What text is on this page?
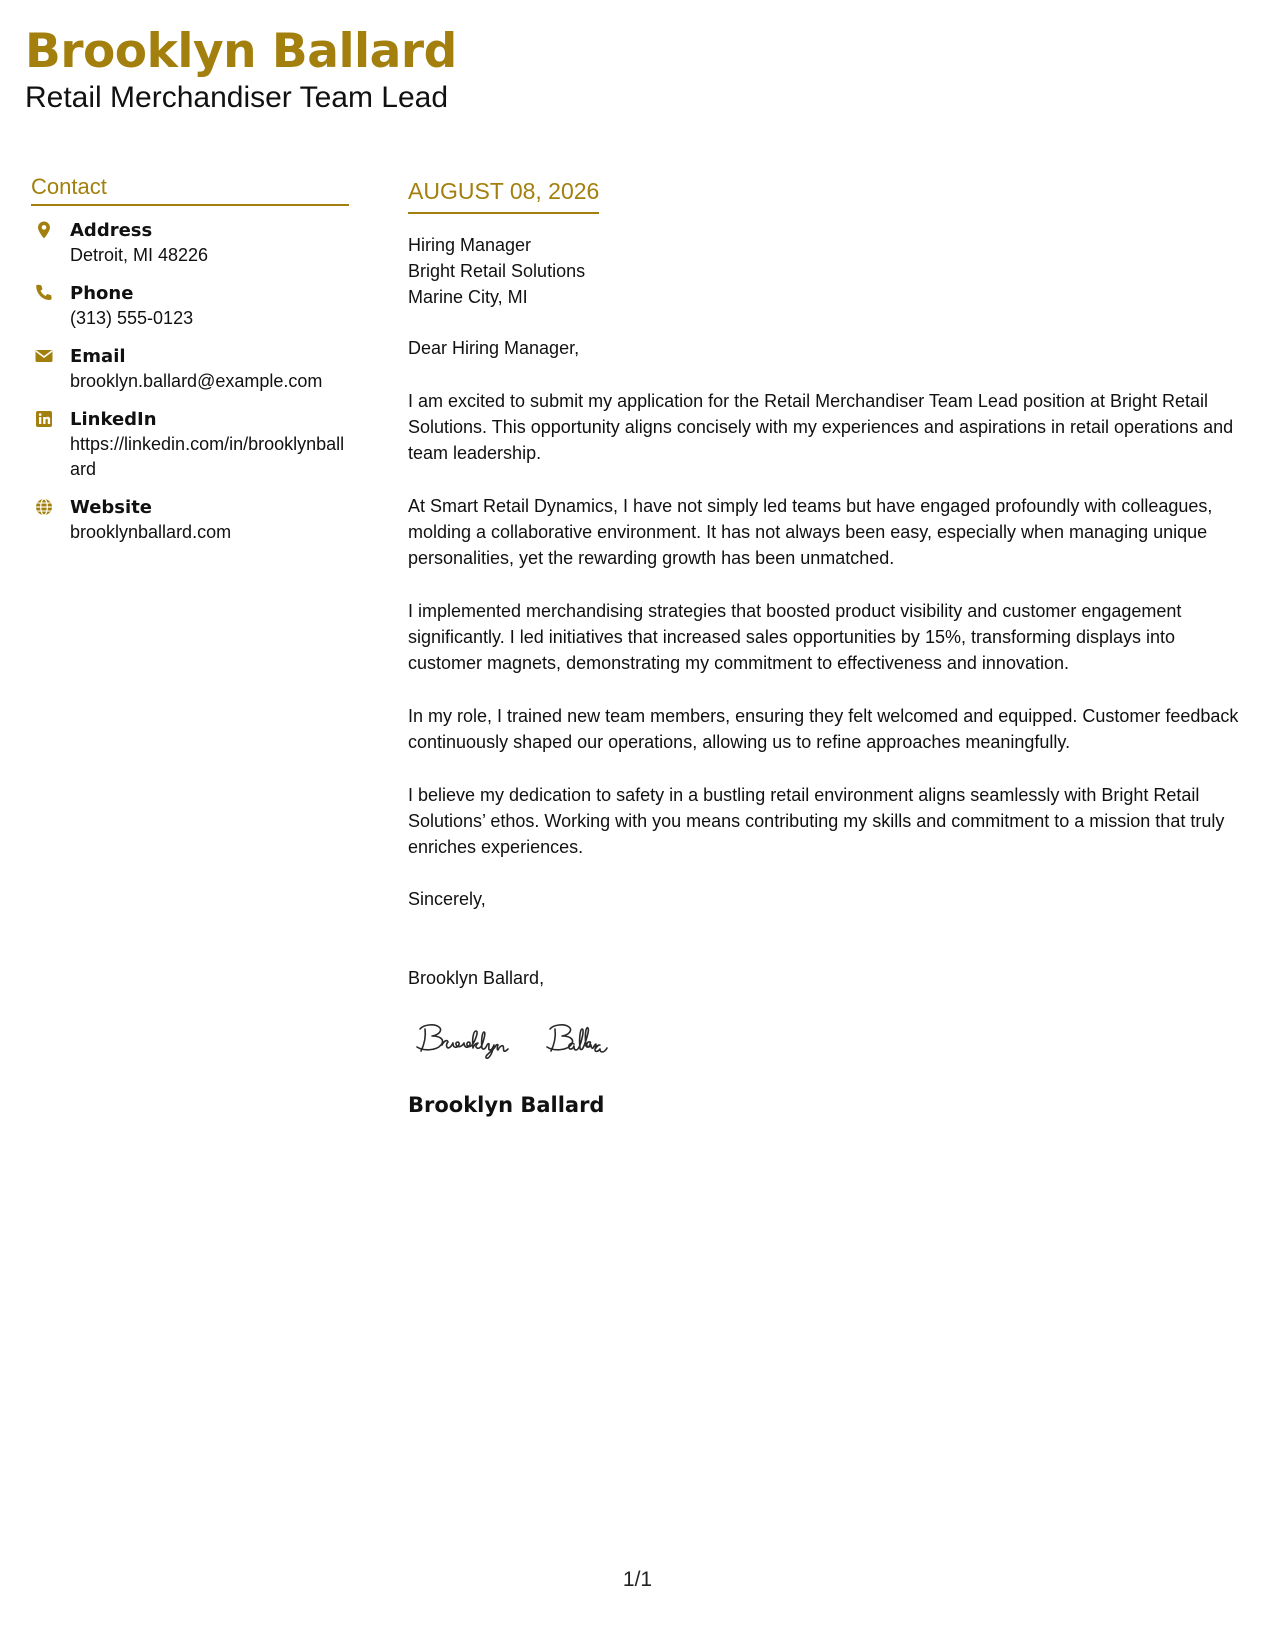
Brooklyn Ballard
Retail Merchandiser Team Lead
Contact
Address
Detroit, MI 48226
Phone
(313) 555-0123
Email
brooklyn.ballard@example.com
LinkedIn
https://linkedin.com/in/brooklynballard
Website
brooklynballard.com
AUGUST 08, 2026
Hiring Manager
Bright Retail Solutions
Marine City, MI
Dear Hiring Manager,
I am excited to submit my application for the Retail Merchandiser Team Lead position at Bright Retail Solutions. This opportunity aligns concisely with my experiences and aspirations in retail operations and team leadership.
At Smart Retail Dynamics, I have not simply led teams but have engaged profoundly with colleagues, molding a collaborative environment. It has not always been easy, especially when managing unique personalities, yet the rewarding growth has been unmatched.
I implemented merchandising strategies that boosted product visibility and customer engagement significantly. I led initiatives that increased sales opportunities by 15%, transforming displays into customer magnets, demonstrating my commitment to effectiveness and innovation.
In my role, I trained new team members, ensuring they felt welcomed and equipped. Customer feedback continuously shaped our operations, allowing us to refine approaches meaningfully.
I believe my dedication to safety in a bustling retail environment aligns seamlessly with Bright Retail Solutions’ ethos. Working with you means contributing my skills and commitment to a mission that truly enriches experiences.
Sincerely,
Brooklyn Ballard,
Brooklyn Ballard
1/1
